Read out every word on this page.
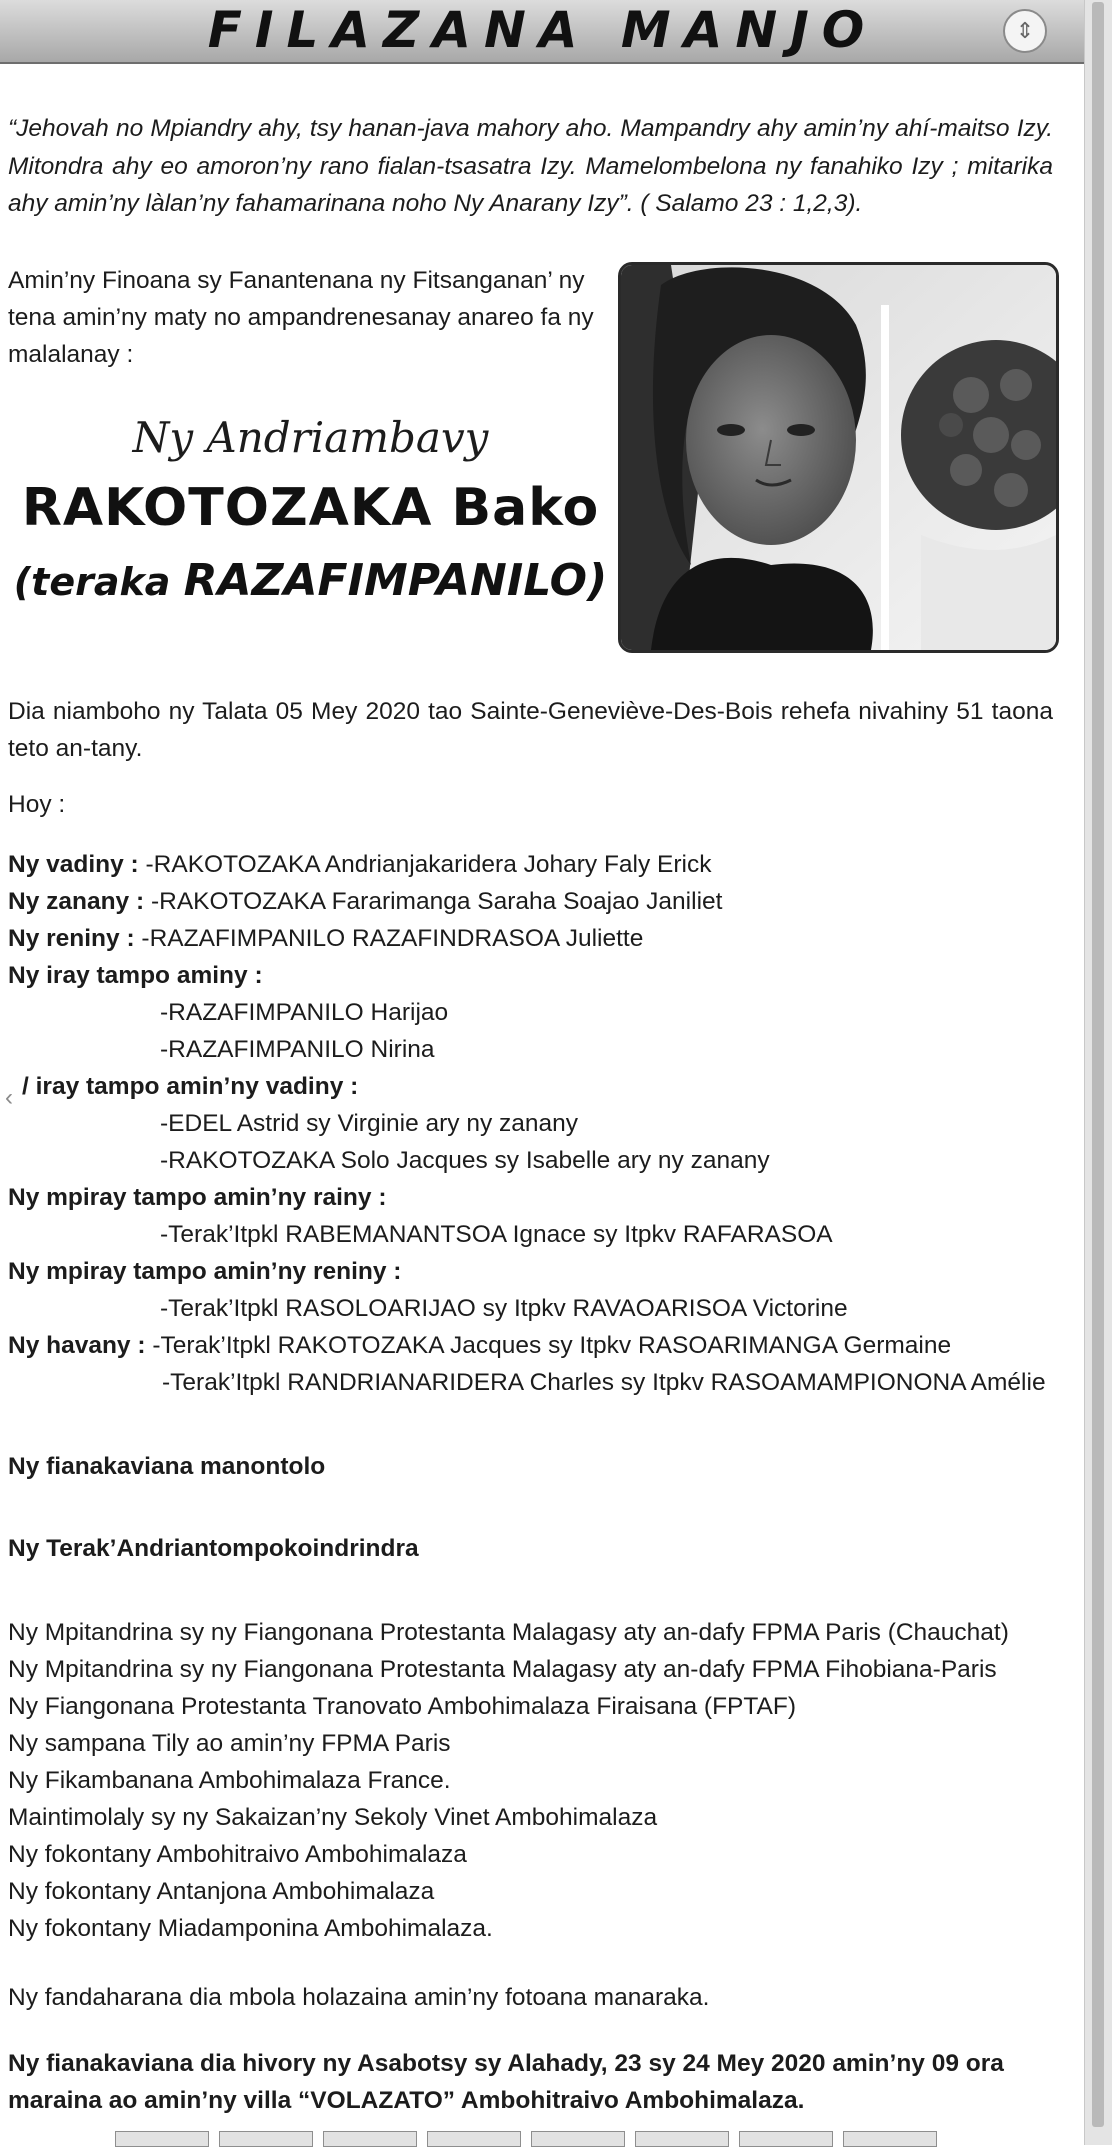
FILAZANA MANJO	⇕
“Jehovah no Mpiandry ahy, tsy hanan-java mahory aho. Mampandry ahy amin’ny ahí-maitso Izy. Mitondra ahy eo amoron’ny rano fialan-tsasatra Izy. Mamelombelona ny fanahiko Izy ; mitarika ahy amin’ny làlan’ny fahamarinana noho Ny Anarany Izy”. ( Salamo 23 : 1,2,3).
Amin’ny Finoana sy Fanantenana ny Fitsanganan’ ny tena amin’ny maty no ampandrenesanay anareo fa ny malalanay :
Ny Andriambavy
RAKOTOZAKA Bako
(teraka RAZAFIMPANILO)
Dia niamboho ny Talata 05 Mey 2020 tao Sainte-Geneviève-Des-Bois rehefa nivahiny 51 taona teto an-tany.
Hoy :
Ny vadiny : -RAKOTOZAKA Andrianjakaridera Johary Faly Erick
Ny zanany : -RAKOTOZAKA Fararimanga Saraha Soajao Janiliet
Ny reniny : -RAZAFIMPANILO RAZAFINDRASOA Juliette
Ny iray tampo aminy :
-RAZAFIMPANILO Harijao
-RAZAFIMPANILO Nirina
/ iray tampo amin’ny vadiny :
-EDEL Astrid sy Virginie ary ny zanany
-RAKOTOZAKA Solo Jacques sy Isabelle ary ny zanany
Ny mpiray tampo amin’ny rainy :
-Terak’Itpkl RABEMANANTSOA Ignace sy Itpkv RAFARASOA
Ny mpiray tampo amin’ny reniny :
-Terak’Itpkl RASOLOARIJAO sy Itpkv RAVAOARISOA Victorine
Ny havany : -Terak’Itpkl RAKOTOZAKA Jacques sy Itpkv RASOARIMANGA Germaine
-Terak’Itpkl RANDRIANARIDERA Charles sy Itpkv RASOAMAMPIONONA Amélie
Ny fianakaviana manontolo
Ny Terak’Andriantompokoindrindra
Ny Mpitandrina sy ny Fiangonana Protestanta Malagasy aty an-dafy FPMA Paris (Chauchat)
Ny Mpitandrina sy ny Fiangonana Protestanta Malagasy aty an-dafy FPMA Fihobiana-Paris
Ny Fiangonana Protestanta Tranovato Ambohimalaza Firaisana (FPTAF)
Ny sampana Tily ao amin’ny FPMA Paris
Ny Fikambanana Ambohimalaza France.
Maintimolaly sy ny Sakaizan’ny Sekoly Vinet Ambohimalaza
Ny fokontany Ambohitraivo Ambohimalaza
Ny fokontany Antanjona Ambohimalaza
Ny fokontany Miadamponina Ambohimalaza.
Ny fandaharana dia mbola holazaina amin’ny fotoana manaraka.
Ny fianakaviana dia hivory ny Asabotsy sy Alahady, 23 sy 24 Mey 2020 amin’ny 09 ora maraina ao amin’ny villa “VOLAZATO” Ambohitraivo Ambohimalaza.
‹
